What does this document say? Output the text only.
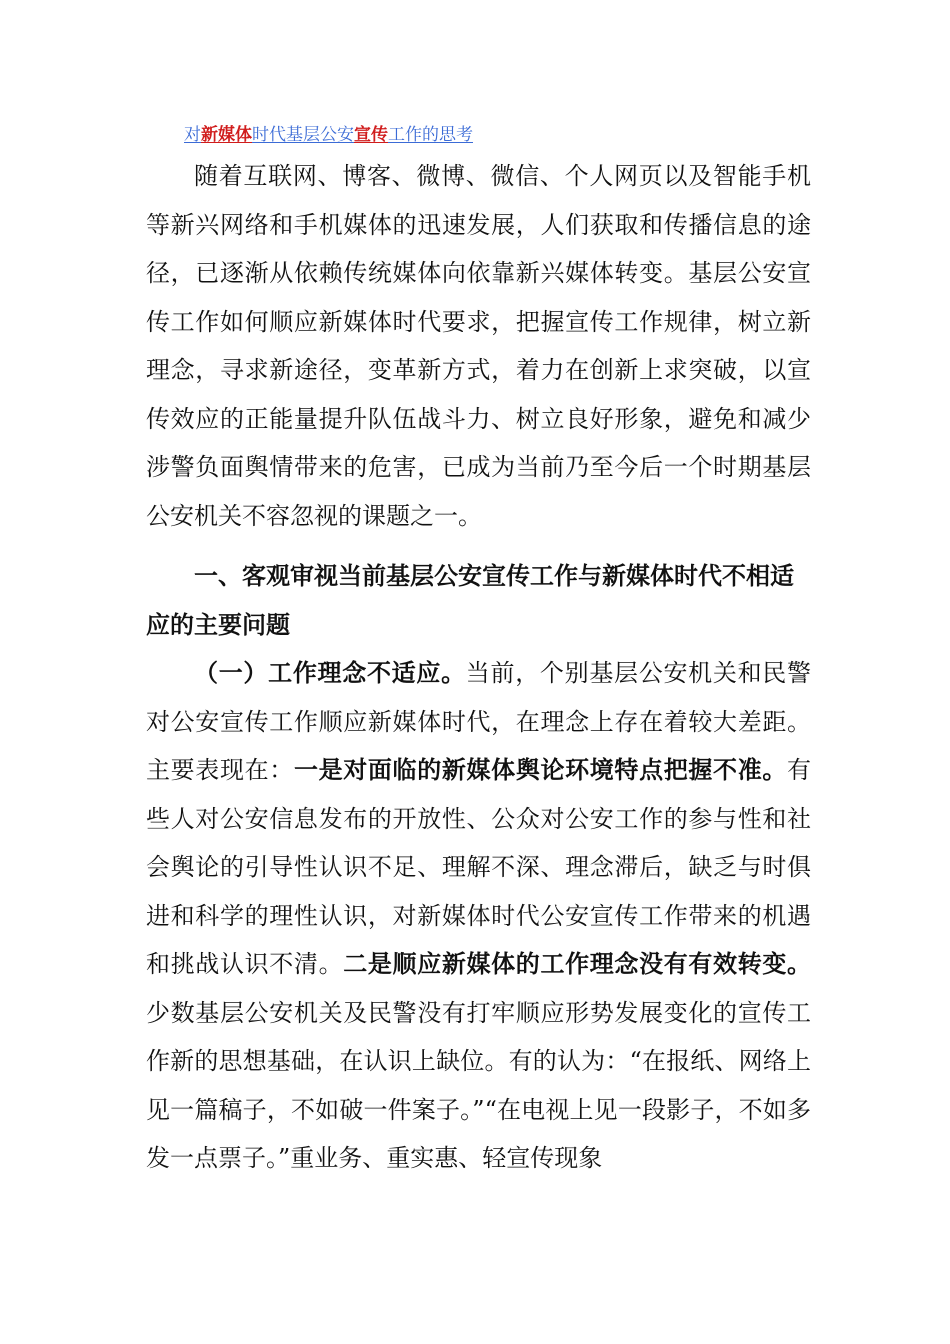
对新媒体时代基层公安宣传工作的思考

随着互联网、博客、微博、微信、个人网页以及智能手机等新兴网络和手机媒体的迅速发展，人们获取和传播信息的途径，已逐渐从依赖传统媒体向依靠新兴媒体转变。基层公安宣传工作如何顺应新媒体时代要求，把握宣传工作规律，树立新理念，寻求新途径，变革新方式，着力在创新上求突破，以宣传效应的正能量提升队伍战斗力、树立良好形象，避免和减少涉警负面舆情带来的危害，已成为当前乃至今后一个时期基层公安机关不容忽视的课题之一。

一、客观审视当前基层公安宣传工作与新媒体时代不相适应的主要问题

（一）工作理念不适应。当前，个别基层公安机关和民警对公安宣传工作顺应新媒体时代，在理念上存在着较大差距。主要表现在：一是对面临的新媒体舆论环境特点把握不准。有些人对公安信息发布的开放性、公众对公安工作的参与性和社会舆论的引导性认识不足、理解不深、理念滞后，缺乏与时俱进和科学的理性认识，对新媒体时代公安宣传工作带来的机遇和挑战认识不清。二是顺应新媒体的工作理念没有有效转变。少数基层公安机关及民警没有打牢顺应形势发展变化的宣传工作新的思想基础，在认识上缺位。有的认为：“在报纸、网络上见一篇稿子，不如破一件案子。”“在电视上见一段影子，不如多发一点票子。”重业务、重实惠、轻宣传现象
